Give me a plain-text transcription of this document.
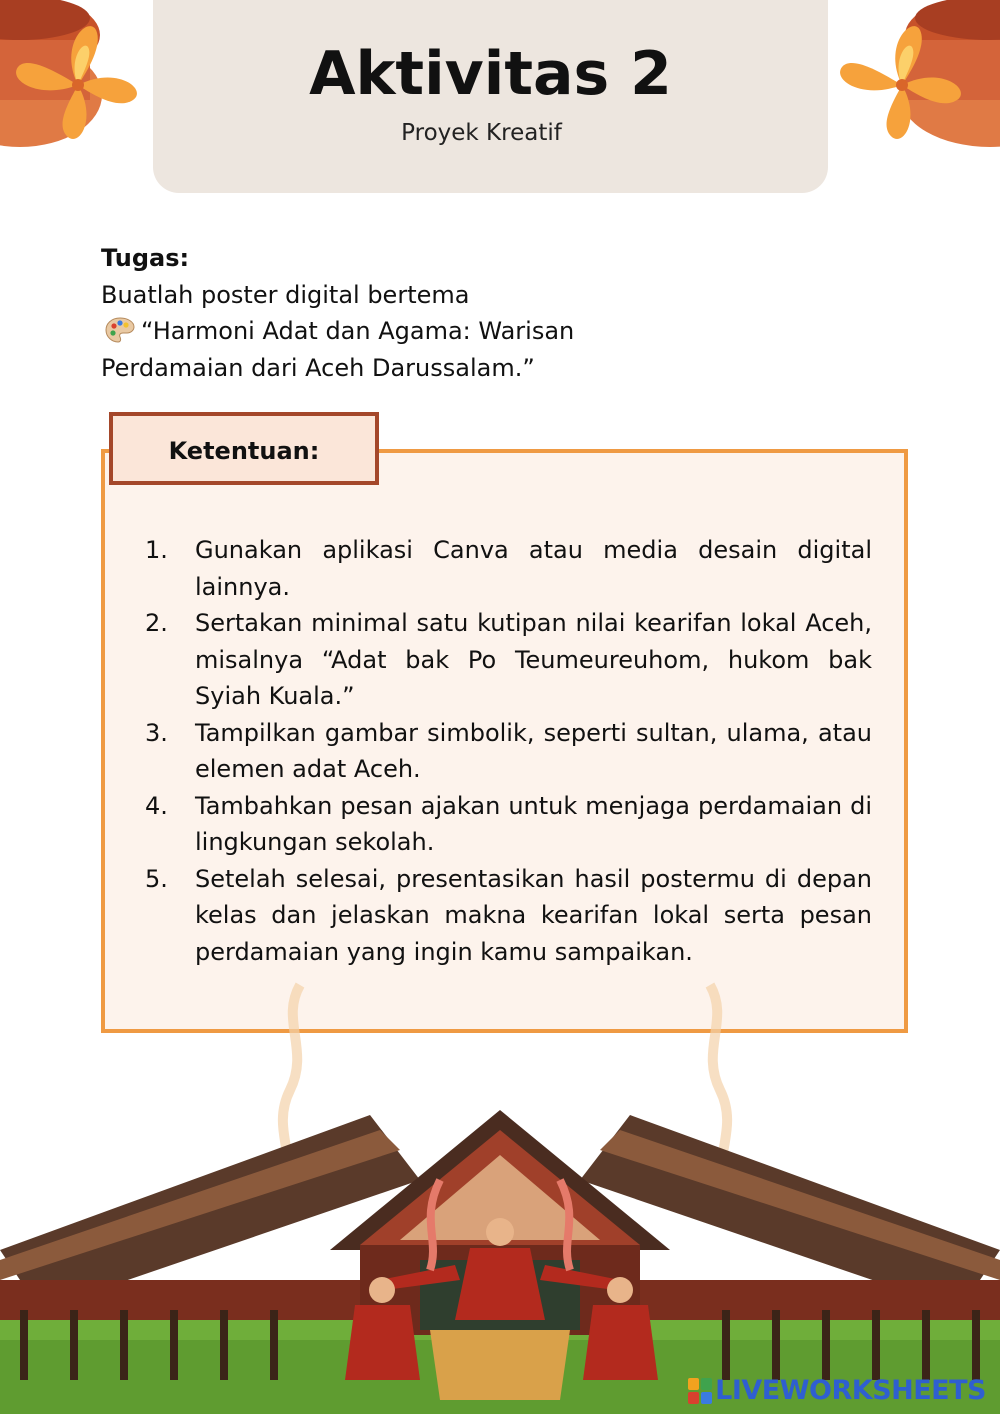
Aktivitas 2
Proyek Kreatif
Tugas:
Buatlah poster digital bertema
“Harmoni Adat dan Agama: Warisan
Perdamaian dari Aceh Darussalam.”
Ketentuan:
1.	Gunakan aplikasi Canva atau media desain digital lainnya.
2.	Sertakan minimal satu kutipan nilai kearifan lokal Aceh, misalnya “Adat bak Po Teumeureuhom, hukom bak Syiah Kuala.”
3.	Tampilkan gambar simbolik, seperti sultan, ulama, atau elemen adat Aceh.
4.	Tambahkan pesan ajakan untuk menjaga perdamaian di lingkungan sekolah.
5.	Setelah selesai, presentasikan hasil postermu di depan kelas dan jelaskan makna kearifan lokal serta pesan perdamaian yang ingin kamu sampaikan.
LIVEWORKSHEETS
